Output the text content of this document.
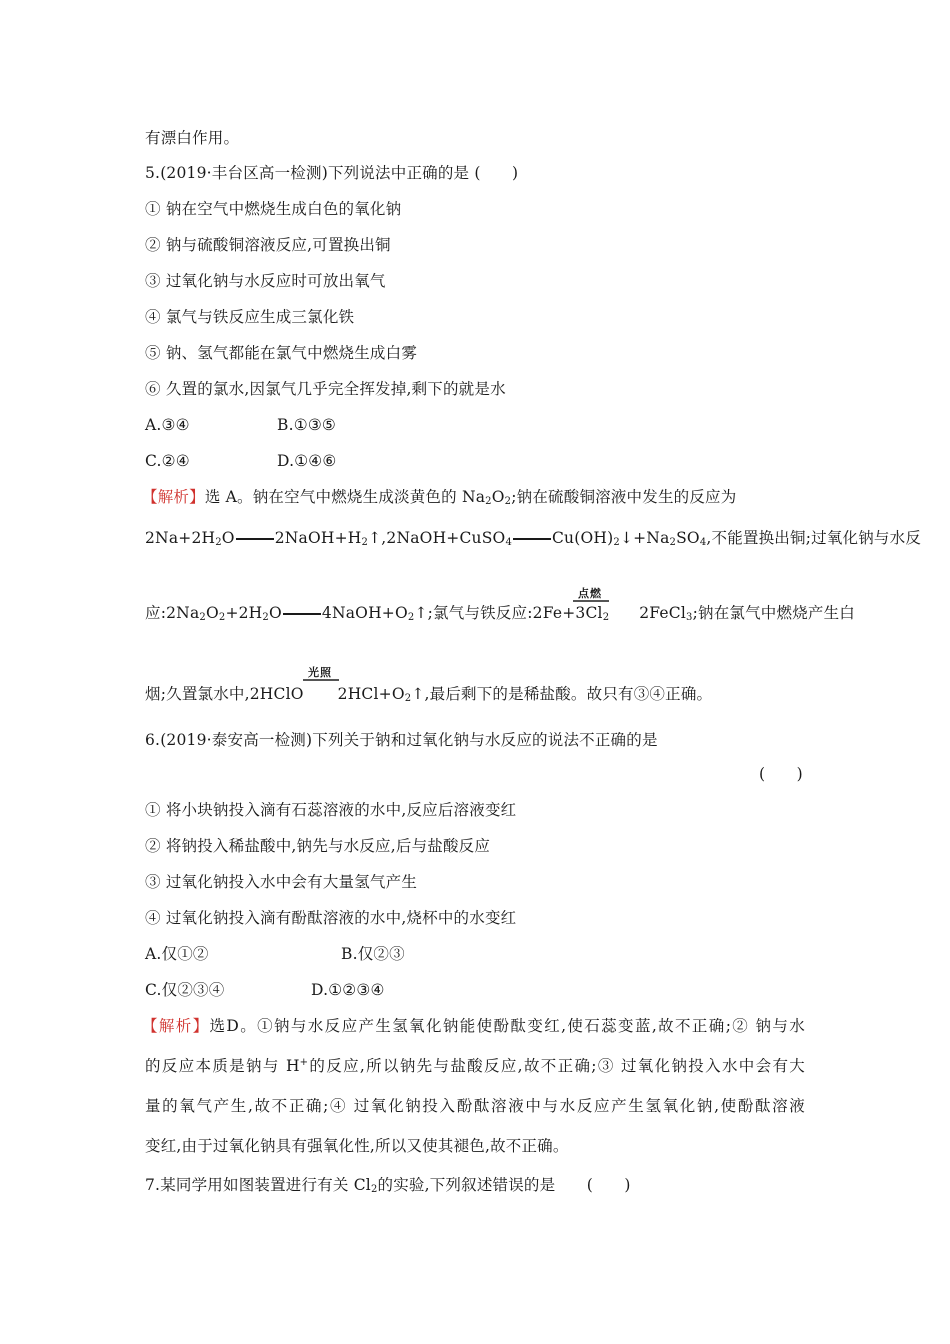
有漂白作用。
5.(2019·丰台区高一检测)下列说法中正确的是 (　　)
① 钠在空气中燃烧生成白色的氧化钠
② 钠与硫酸铜溶液反应,可置换出铜
③ 过氧化钠与水反应时可放出氧气
④ 氯气与铁反应生成三氯化铁
⑤ 钠、氢气都能在氯气中燃烧生成白雾
⑥ 久置的氯水,因氯气几乎完全挥发掉,剩下的就是水
A.③④	B.①③⑤
C.②④	D.①④⑥
【解析】选 A。钠在空气中燃烧生成淡黄色的 $Na_2O_2$;钠在硫酸铜溶液中发生的反应为
$2Na+2H_2O$	$2NaOH+H_2↑,2NaOH+CuSO_4$	$Cu(OH)_2↓+Na_2SO_4$,不能置换出铜;过氧化钠与水反
点燃
应$:2Na_2O_2+2H_2O$	$4NaOH+O_2↑$;氯气与铁反应$:2Fe+3Cl_2$ 2FeCl$_3$;钠在氯气中燃烧产生白
光照
烟;久置氯水中,2HClO $2HCl+O_2↑$,最后剩下的是稀盐酸。故只有③④正确。
6.(2019·泰安高一检测)下列关于钠和过氧化钠与水反应的说法不正确的是
(　　)
① 将小块钠投入滴有石蕊溶液的水中,反应后溶液变红
② 将钠投入稀盐酸中,钠先与水反应,后与盐酸反应
③ 过氧化钠投入水中会有大量氢气产生
④ 过氧化钠投入滴有酚酞溶液的水中,烧杯中的水变红
A.仅①②	B.仅②③
C.仅②③④	D.①②③④
【解析】选D。①钠与水反应产生氢氧化钠能使酚酞变红,使石蕊变蓝,故不正确;② 钠与水
的反应本质是钠与 H+的反应,所以钠先与盐酸反应,故不正确;③ 过氧化钠投入水中会有大
量的氧气产生,故不正确;④ 过氧化钠投入酚酞溶液中与水反应产生氢氧化钠,使酚酞溶液
变红,由于过氧化钠具有强氧化性,所以又使其褪色,故不正确。
7.某同学用如图装置进行有关 $Cl_2$的实验,下列叙述错误的是　　(　　)
